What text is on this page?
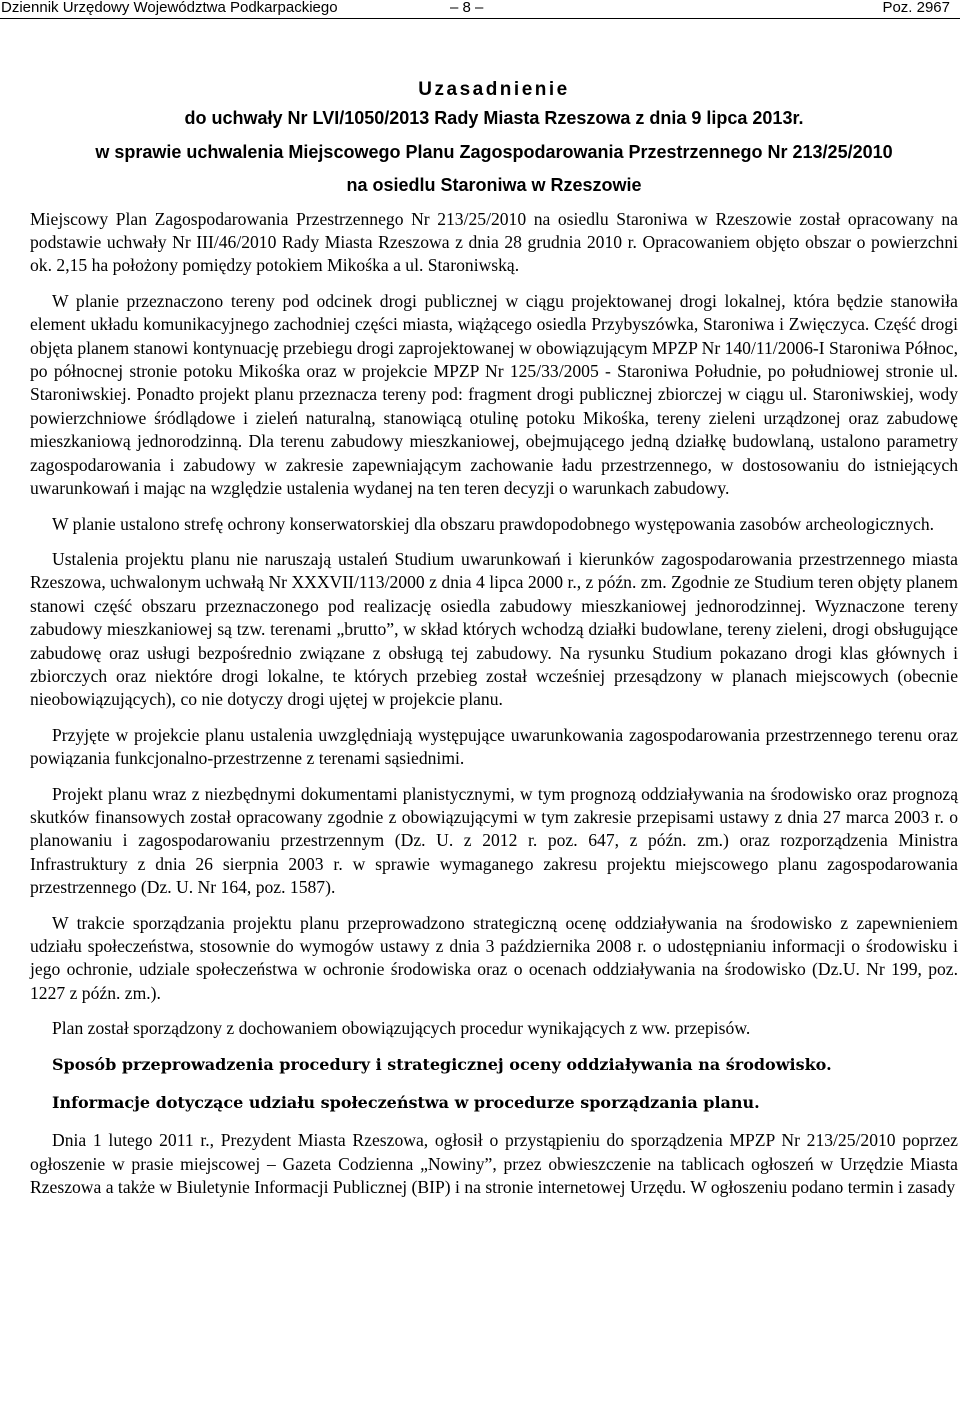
Dziennik Urzędowy Województwa Podkarpackiego	– 8 –	Poz. 2967
Uzasadnienie
do uchwały Nr LVI/1050/2013 Rady Miasta Rzeszowa z dnia 9 lipca 2013r.
w sprawie uchwalenia Miejscowego Planu Zagospodarowania Przestrzennego Nr 213/25/2010
na osiedlu Staroniwa w Rzeszowie

Miejscowy Plan Zagospodarowania Przestrzennego Nr 213/25/2010 na osiedlu Staroniwa w Rzeszowie został opracowany na podstawie uchwały Nr III/46/2010 Rady Miasta Rzeszowa z dnia 28 grudnia 2010 r. Opracowaniem objęto obszar o powierzchni ok. 2,15 ha położony pomiędzy potokiem Mikośka a ul. Staroniwską.

W planie przeznaczono tereny pod odcinek drogi publicznej w ciągu projektowanej drogi lokalnej, która będzie stanowiła element układu komunikacyjnego zachodniej części miasta, wiążącego osiedla Przybyszówka, Staroniwa i Zwięczyca. Część drogi objęta planem stanowi kontynuację przebiegu drogi zaprojektowanej w obowiązującym MPZP Nr 140/11/2006-I Staroniwa Północ, po północnej stronie potoku Mikośka oraz w projekcie MPZP Nr 125/33/2005 - Staroniwa Południe, po południowej stronie ul. Staroniwskiej. Ponadto projekt planu przeznacza tereny pod: fragment drogi publicznej zbiorczej w ciągu ul. Staroniwskiej, wody powierzchniowe śródlądowe i zieleń naturalną, stanowiącą otulinę potoku Mikośka, tereny zieleni urządzonej oraz zabudowę mieszkaniową jednorodzinną. Dla terenu zabudowy mieszkaniowej, obejmującego jedną działkę budowlaną, ustalono parametry zagospodarowania i zabudowy w zakresie zapewniającym zachowanie ładu przestrzennego, w dostosowaniu do istniejących uwarunkowań i mając na względzie ustalenia wydanej na ten teren decyzji o warunkach zabudowy.

W planie ustalono strefę ochrony konserwatorskiej dla obszaru prawdopodobnego występowania zasobów archeologicznych.

Ustalenia projektu planu nie naruszają ustaleń Studium uwarunkowań i kierunków zagospodarowania przestrzennego miasta Rzeszowa, uchwalonym uchwałą Nr XXXVII/113/2000 z dnia 4 lipca 2000 r., z późn. zm. Zgodnie ze Studium teren objęty planem stanowi część obszaru przeznaczonego pod realizację osiedla zabudowy mieszkaniowej jednorodzinnej. Wyznaczone tereny zabudowy mieszkaniowej są tzw. terenami „brutto”, w skład których wchodzą działki budowlane, tereny zieleni, drogi obsługujące zabudowę oraz usługi bezpośrednio związane z obsługą tej zabudowy. Na rysunku Studium pokazano drogi klas głównych i zbiorczych oraz niektóre drogi lokalne, te których przebieg został wcześniej przesądzony w planach miejscowych (obecnie nieobowiązujących), co nie dotyczy drogi ujętej w projekcie planu.

Przyjęte w projekcie planu ustalenia uwzględniają występujące uwarunkowania zagospodarowania przestrzennego terenu oraz powiązania funkcjonalno-przestrzenne z terenami sąsiednimi.

Projekt planu wraz z niezbędnymi dokumentami planistycznymi, w tym prognozą oddziaływania na środowisko oraz prognozą skutków finansowych został opracowany zgodnie z obowiązującymi w tym zakresie przepisami ustawy z dnia 27 marca 2003 r. o planowaniu i zagospodarowaniu przestrzennym (Dz. U. z 2012 r. poz. 647, z późn. zm.) oraz rozporządzenia Ministra Infrastruktury z dnia 26 sierpnia 2003 r. w sprawie wymaganego zakresu projektu miejscowego planu zagospodarowania przestrzennego (Dz. U. Nr 164, poz. 1587).

W trakcie sporządzania projektu planu przeprowadzono strategiczną ocenę oddziaływania na środowisko z zapewnieniem udziału społeczeństwa, stosownie do wymogów ustawy z dnia 3 października 2008 r. o udostępnianiu informacji o środowisku i jego ochronie, udziale społeczeństwa w ochronie środowiska oraz o ocenach oddziaływania na środowisko (Dz.U. Nr 199, poz. 1227 z późn. zm.).

Plan został sporządzony z dochowaniem obowiązujących procedur wynikających z ww. przepisów.

Sposób przeprowadzenia procedury i strategicznej oceny oddziaływania na środowisko.
Informacje dotyczące udziału społeczeństwa w procedurze sporządzania planu.

Dnia 1 lutego 2011 r., Prezydent Miasta Rzeszowa, ogłosił o przystąpieniu do sporządzenia MPZP Nr 213/25/2010 poprzez ogłoszenie w prasie miejscowej – Gazeta Codzienna „Nowiny”, przez obwieszczenie na tablicach ogłoszeń w Urzędzie Miasta Rzeszowa a także w Biuletynie Informacji Publicznej (BIP) i na stronie internetowej Urzędu. W ogłoszeniu podano termin i zasady
